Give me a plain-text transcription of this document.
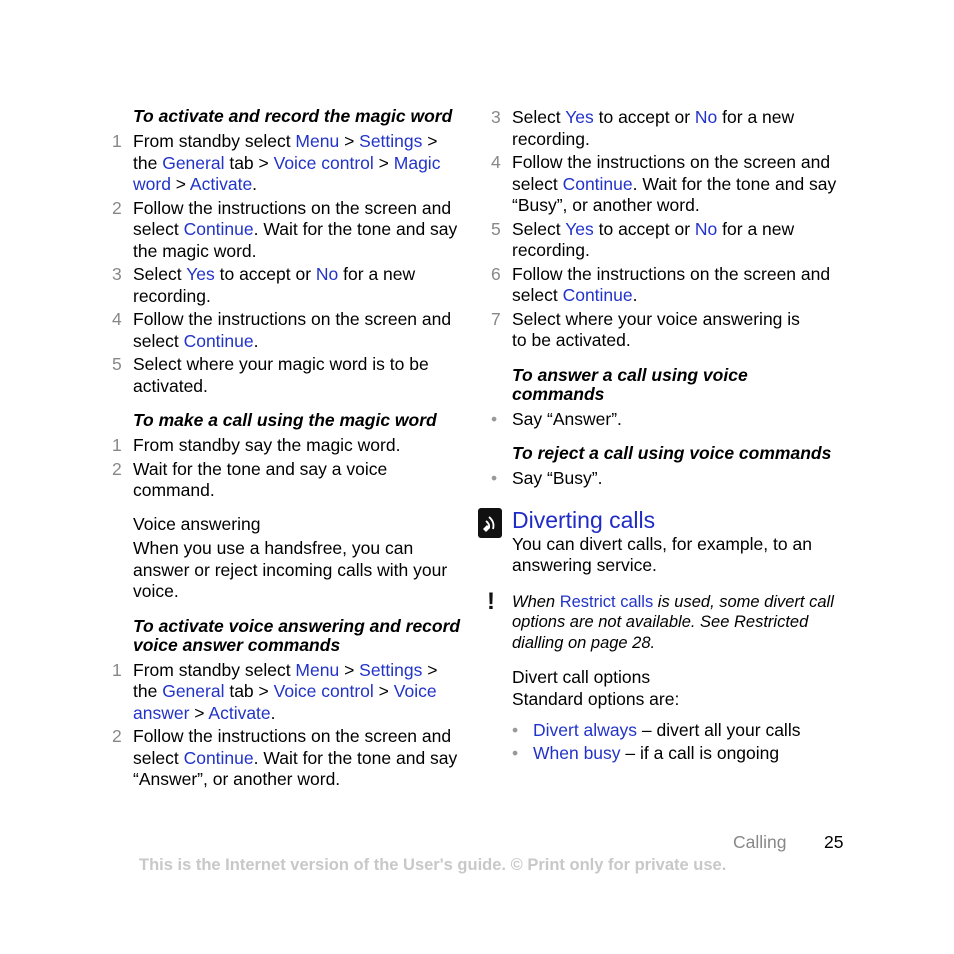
To activate and record the magic word
1 From standby select Menu > Settings > the General tab > Voice control > Magic word > Activate.
2 Follow the instructions on the screen and select Continue. Wait for the tone and say the magic word.
3 Select Yes to accept or No for a new recording.
4 Follow the instructions on the screen and select Continue.
5 Select where your magic word is to be activated.
To make a call using the magic word
1 From standby say the magic word.
2 Wait for the tone and say a voice command.
Voice answering
When you use a handsfree, you can answer or reject incoming calls with your voice.
To activate voice answering and record voice answer commands
1 From standby select Menu > Settings > the General tab > Voice control > Voice answer > Activate.
2 Follow the instructions on the screen and select Continue. Wait for the tone and say “Answer”, or another word.
3 Select Yes to accept or No for a new recording.
4 Follow the instructions on the screen and select Continue. Wait for the tone and say “Busy”, or another word.
5 Select Yes to accept or No for a new recording.
6 Follow the instructions on the screen and select Continue.
7 Select where your voice answering is to be activated.
To answer a call using voice commands
• Say “Answer”.
To reject a call using voice commands
• Say “Busy”.
Diverting calls
You can divert calls, for example, to an answering service.
! When Restrict calls is used, some divert call options are not available. See Restricted dialling on page 28.
Divert call options
Standard options are:
• Divert always – divert all your calls
• When busy – if a call is ongoing
Calling 25
This is the Internet version of the User's guide. © Print only for private use.
